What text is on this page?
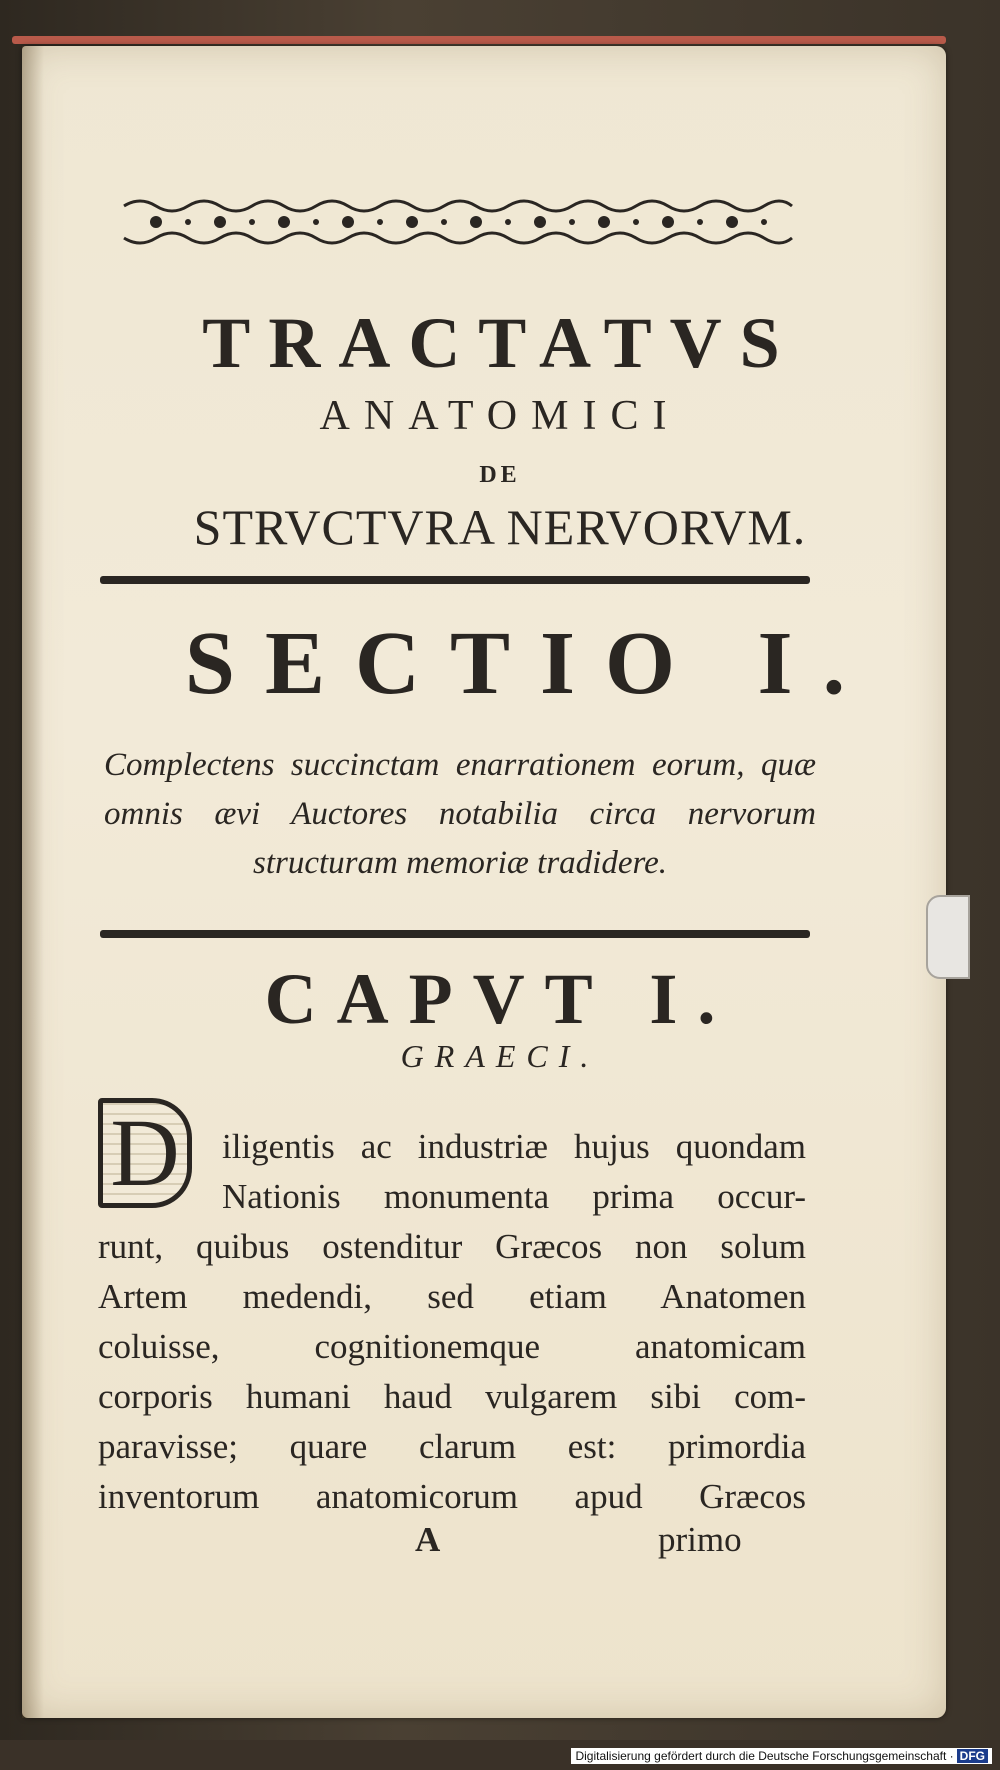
TRACTATVS
ANATOMICI
DE
STRVCTVRA NERVORVM.
SECTIO I.

Complectens succinctam enarrationem eorum, quæ omnis ævi Auctores notabilia circa nervorum structuram memoriæ tradidere.

CAPVT I.
GRAECI.
D	iligentis ac industriæ hujus quondam
Nationis monumenta prima occur-
runt, quibus ostenditur Græcos non solum
Artem medendi, sed etiam Anatomen
coluisse, cognitionemque anatomicam
corporis humani haud vulgarem sibi com-
paravisse; quare clarum est: primordia
inventorum anatomicorum apud Græcos
A	primo
Digitalisierung gefördert durch die Deutsche Forschungsgemeinschaft · DFG
